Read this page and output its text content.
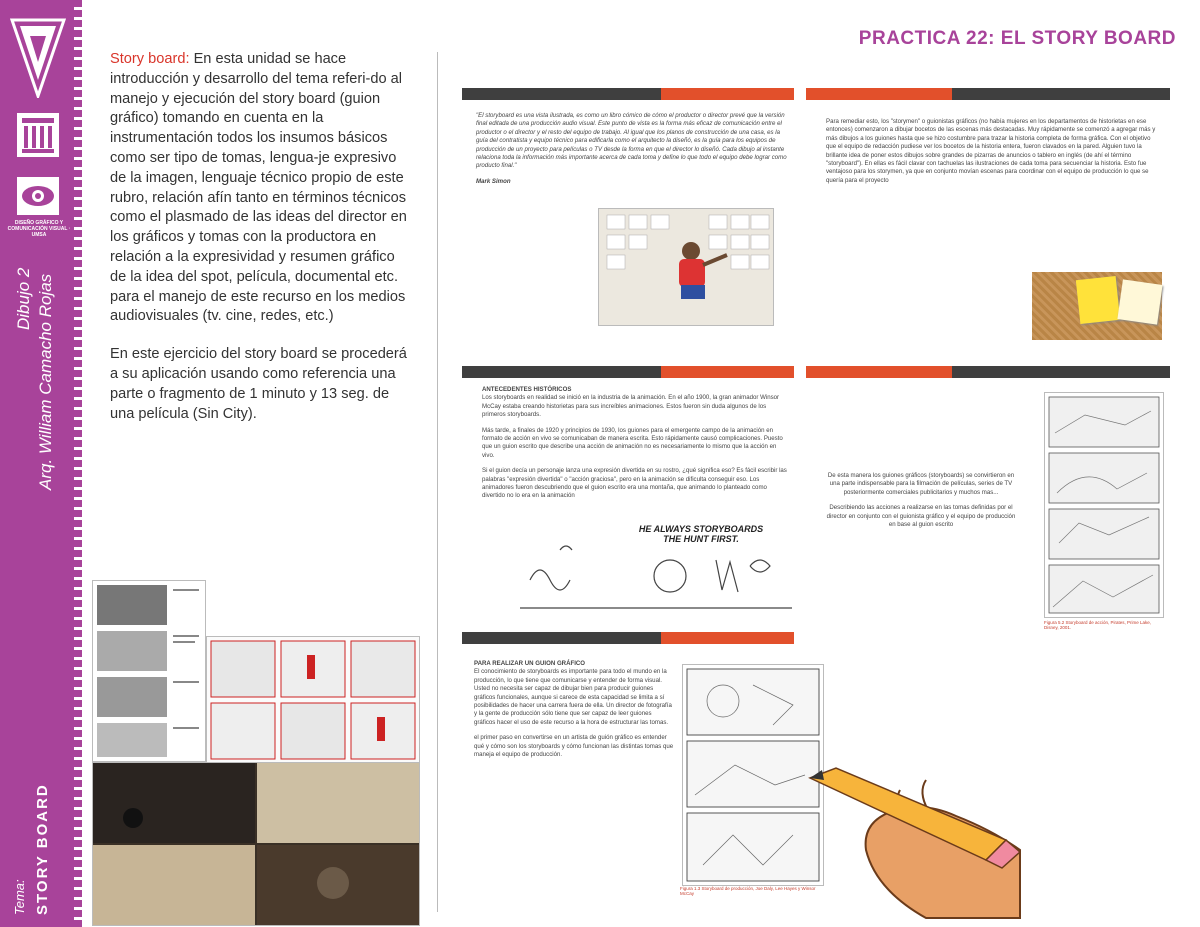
DISEÑO GRÁFICO Y COMUNICACIÓN VISUAL · UMSA
Dibujo 2 Arq. William Camacho Rojas
Tema: STORY BOARD

Story board: En esta unidad se hace introducción y desarrollo del tema referi-do al manejo y ejecución del story board (guion gráfico) tomando en cuenta en la instrumentación todos los insumos básicos como ser tipo de tomas, lengua-je expresivo de la imagen, lenguaje técnico propio de este rubro, relación afín tanto en términos técnicos como el plasmado de las ideas del director en los gráficos y tomas con la productora en relación a la expresividad y resumen gráfico de la idea del spot, película, documental etc. para el manejo de este recurso en los medios audiovisuales (tv. cine, redes, etc.)

En este ejercicio del story board se procederá a su aplicación usando como referencia una parte o fragmento de 1 minuto y 13 seg. de una película (Sin City).

PRACTICA 22: EL STORY BOARD

"El storyboard es una vista ilustrada, es como un libro cómico de cómo el productor o director prevé que la versión final editada de una producción audio visual. Este punto de vista es la forma más eficaz de comunicación entre el productor o el director y el resto del equipo de trabajo. Al igual que los planos de construcción de una casa, es la guía del contratista y equipo técnico para edificarla como el arquitecto la diseñó, es la guía para los equipos de producción de un proyecto para películas o TV desde la forma en que el director lo diseñó. Cada dibujo al instante relaciona toda la información más importante acerca de cada toma y define lo que todo el equipo debe lograr como producto final."

Mark Simon

Para remediar esto, los "storymen" o guionistas gráficos (no había mujeres en los departamentos de historietas en ese entonces) comenzaron a dibujar bocetos de las escenas más destacadas. Muy rápidamente se comenzó a agregar más y más dibujos a los guiones hasta que se hizo costumbre para trazar la historia completa de forma gráfica. Con el objetivo que el equipo de redacción pudiese ver los bocetos de la historia entera, fueron clavados en la pared. Alguien tuvo la brillante idea de poner estos dibujos sobre grandes de pizarras de anuncios o tablero en inglés (de ahí el término "storyboard"). En ellas es fácil clavar con tachuelas las ilustraciones de cada toma para secuenciar la historia. Esto fue ventajoso para los storymen, ya que en conjunto movían escenas para coordinar con el equipo de producción lo que se quería para el proyecto
ANTECEDENTES HISTÓRICOS

Los storyboards en realidad se inició en la industria de la animación. En el año 1900, la gran animador Winsor McCay estaba creando historietas para sus increíbles animaciones. Estos fueron sin duda algunos de los primeros storyboards.

Más tarde, a finales de 1920 y principios de 1930, los guiones para el emergente campo de la animación en formato de acción en vivo se comunicaban de manera escrita. Esto rápidamente causó complicaciones. Puesto que un guion escrito que describe una acción de animación no es necesariamente lo mismo que la acción en vivo.

Si el guion decía un personaje lanza una expresión divertida en su rostro, ¿qué significa eso? Es fácil escribir las palabras "expresión divertida" o "acción graciosa", pero en la animación se dificulta conseguir eso. Los animadores fueron descubriendo que el guion escrito era una montaña, que animando lo planteado como divertido no lo era en la animación

HE ALWAYS STORYBOARDS THE HUNT FIRST.

De esta manera los guiones gráficos (storyboards) se convirtieron en una parte indispensable para la filmación de películas, series de TV posteriormente comerciales publicitarios y muchos mas...

Describiendo las acciones a realizarse en las tomas definidas por el director en conjunto con el guionista gráfico y el equipo de producción en base al guion escrito

Figura 5.2 Storyboard de acción, Pirates, Prime Lake, Disney, 2001.
PARA REALIZAR UN GUION GRÁFICO

El conocimiento de storyboards es importante para todo el mundo en la producción, lo que tiene que comunicarse y entender de forma visual. Usted no necesita ser capaz de dibujar bien para producir guiones gráficos funcionales, aunque si carece de esta capacidad se limita a sí posibilidades de hacer una carrera fuera de ella. Un director de fotografía y la gente de producción sólo tiene que ser capaz de leer guiones gráficos hacer el uso de este recurso a la hora de estructurar las tomas.

el primer paso en convertirse en un artista de guión gráfico es entender qué y cómo son los storyboards y cómo funcionan las distintas tomas que maneja el equipo de producción.

Figura 1.3 Storyboard de producción, Joe Daly, Lee Hayes y Winsor McCay
